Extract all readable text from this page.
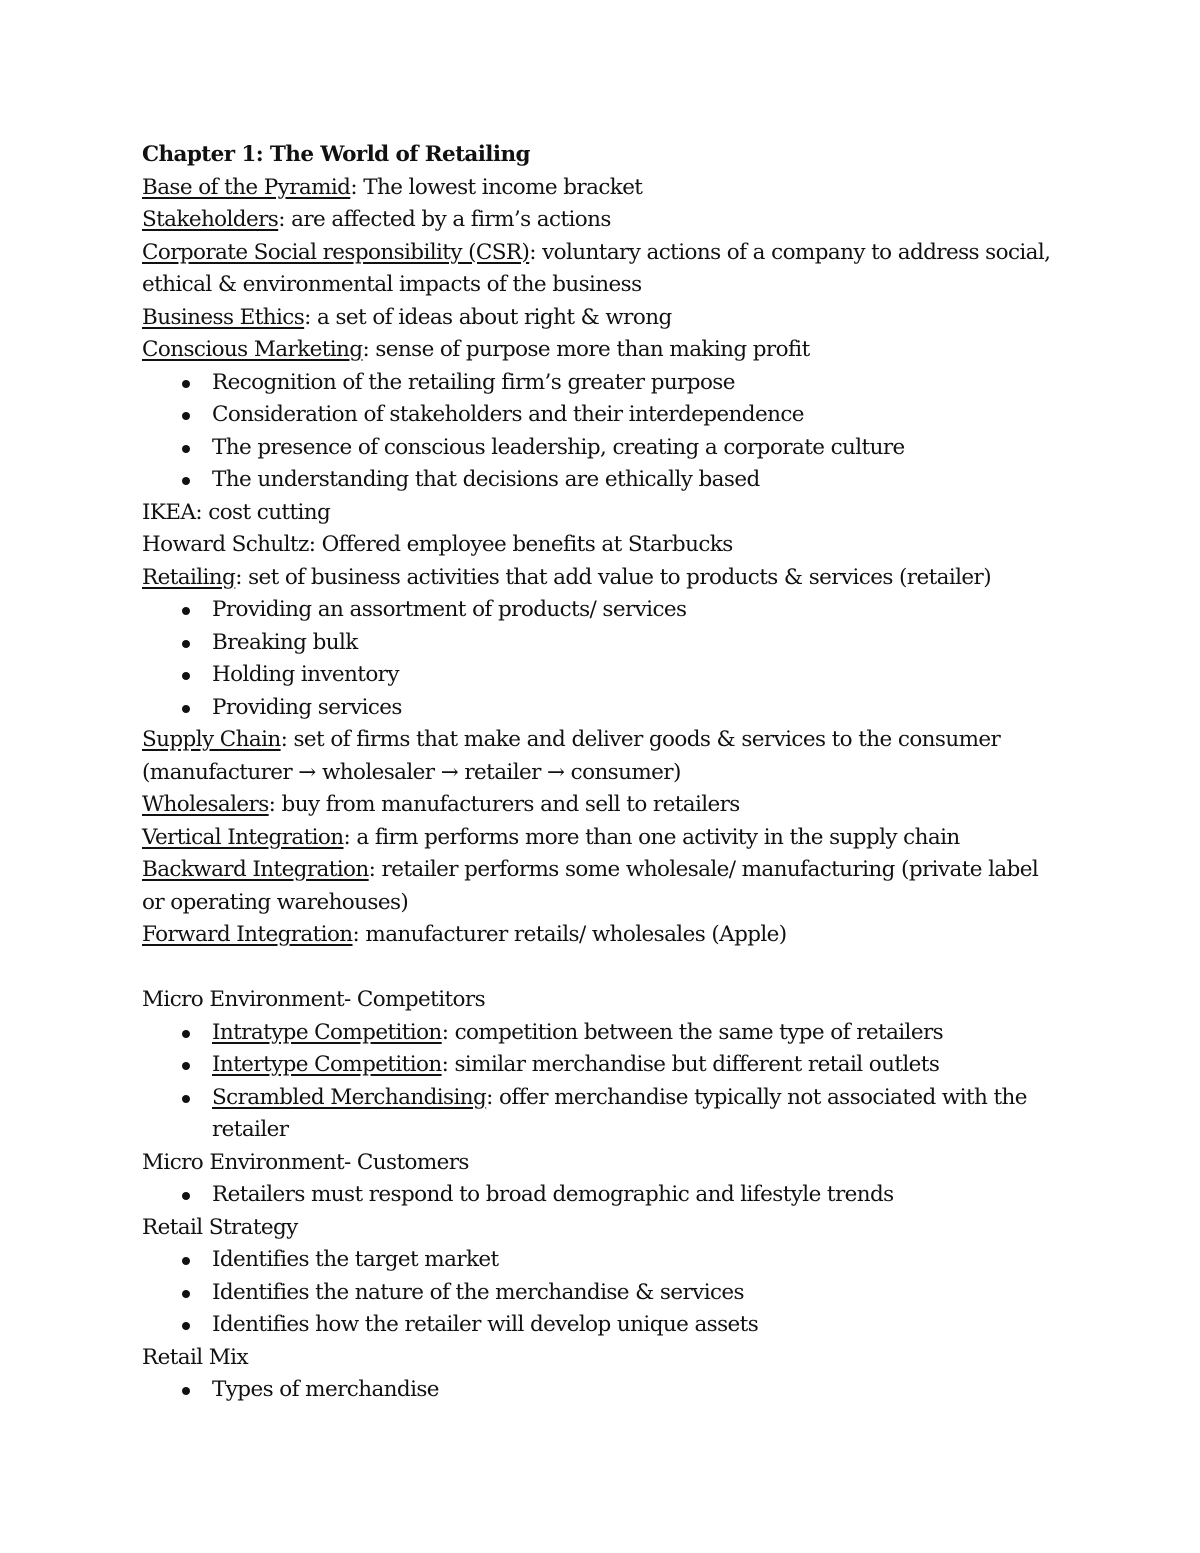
Chapter 1: The World of Retailing
Base of the Pyramid: The lowest income bracket
Stakeholders: are affected by a firm’s actions
Corporate Social responsibility (CSR): voluntary actions of a company to address social,
ethical & environmental impacts of the business
Business Ethics: a set of ideas about right & wrong
Conscious Marketing: sense of purpose more than making profit
Recognition of the retailing firm’s greater purpose
Consideration of stakeholders and their interdependence
The presence of conscious leadership, creating a corporate culture
The understanding that decisions are ethically based
IKEA: cost cutting
Howard Schultz: Offered employee benefits at Starbucks
Retailing: set of business activities that add value to products & services (retailer)
Providing an assortment of products/ services
Breaking bulk
Holding inventory
Providing services
Supply Chain: set of firms that make and deliver goods & services to the consumer
(manufacturer → wholesaler → retailer → consumer)
Wholesalers: buy from manufacturers and sell to retailers
Vertical Integration: a firm performs more than one activity in the supply chain
Backward Integration: retailer performs some wholesale/ manufacturing (private label
or operating warehouses)
Forward Integration: manufacturer retails/ wholesales (Apple)
Micro Environment- Competitors
Intratype Competition: competition between the same type of retailers
Intertype Competition: similar merchandise but different retail outlets
Scrambled Merchandising: offer merchandise typically not associated with the
retailer
Micro Environment- Customers
Retailers must respond to broad demographic and lifestyle trends
Retail Strategy
Identifies the target market
Identifies the nature of the merchandise & services
Identifies how the retailer will develop unique assets
Retail Mix
Types of merchandise
